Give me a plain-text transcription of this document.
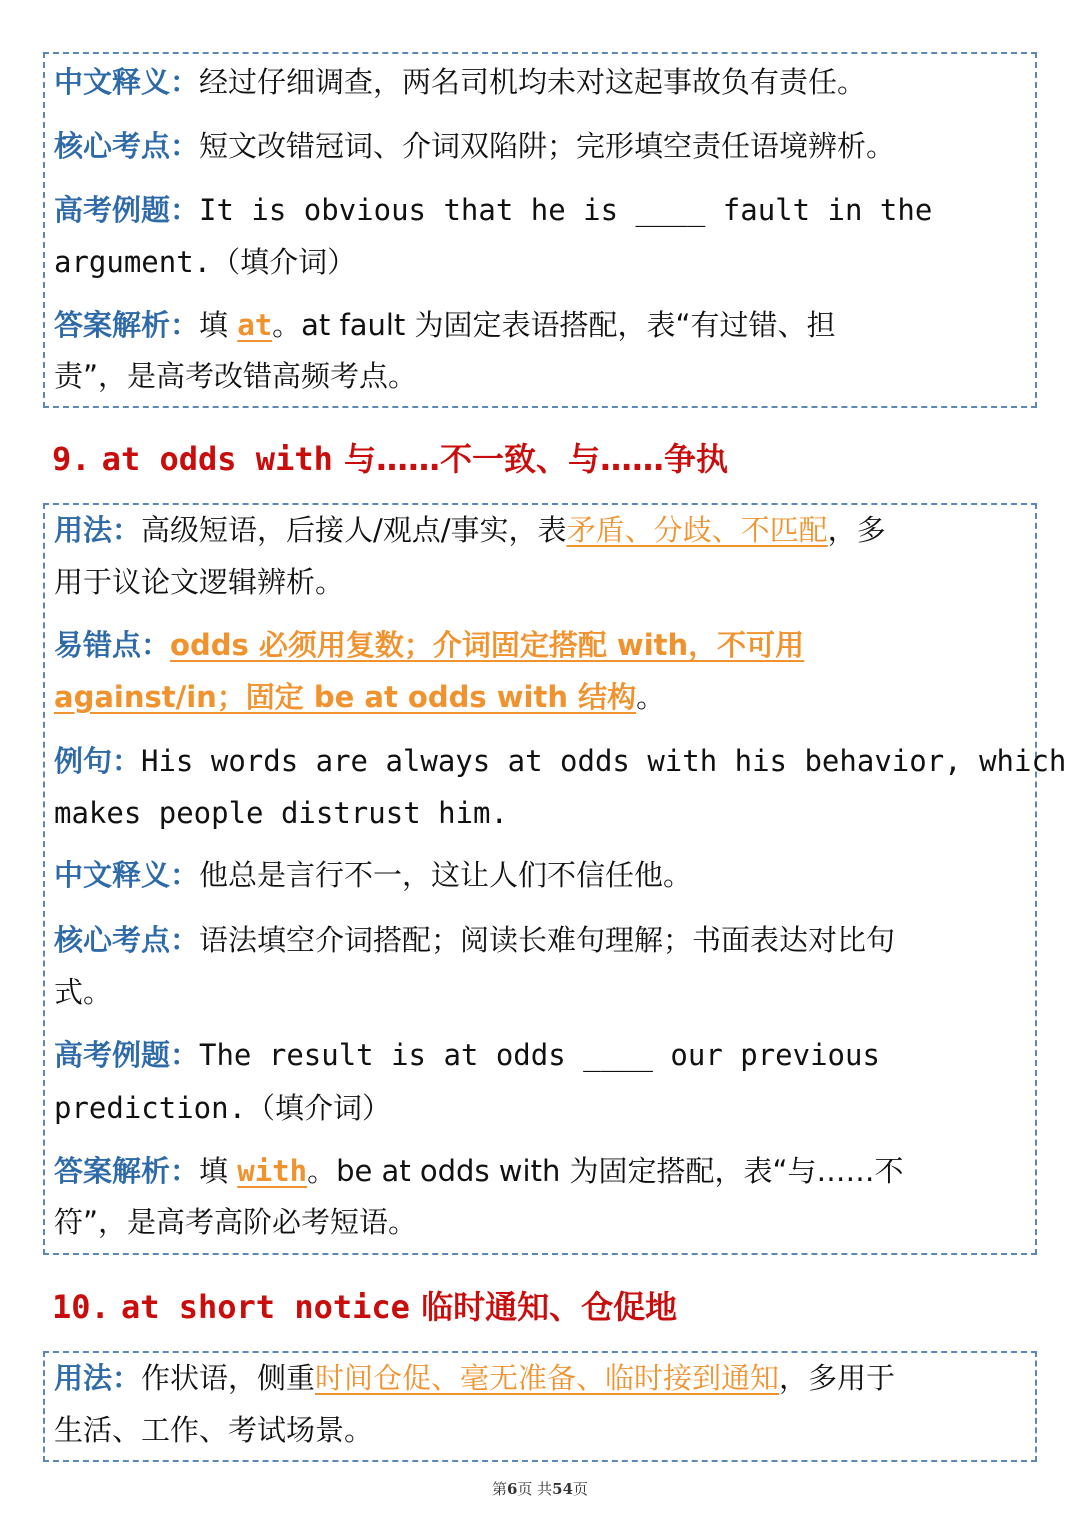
中文释义：经过仔细调查，两名司机均未对这起事故负有责任。
核心考点：短文改错冠词、介词双陷阱；完形填空责任语境辨析。
高考例题：It is obvious that he is ____ fault in the
argument.（填介词）
答案解析：填 at。at fault 为固定表语搭配，表“有过错、担
责”，是高考改错高频考点。
9. at odds with 与……不一致、与……争执
用法：高级短语，后接人/观点/事实，表矛盾、分歧、不匹配，多
用于议论文逻辑辨析。
易错点：odds 必须用复数；介词固定搭配 with，不可用
against/in；固定 be at odds with 结构。
例句：His words are always at odds with his behavior, which
makes people distrust him.
中文释义：他总是言行不一，这让人们不信任他。
核心考点：语法填空介词搭配；阅读长难句理解；书面表达对比句
式。
高考例题：The result is at odds ____ our previous
prediction.（填介词）
答案解析：填 with。be at odds with 为固定搭配，表“与……不
符”，是高考高阶必考短语。
10. at short notice 临时通知、仓促地
用法：作状语，侧重时间仓促、毫无准备、临时接到通知，多用于
生活、工作、考试场景。
第6页 共54页
